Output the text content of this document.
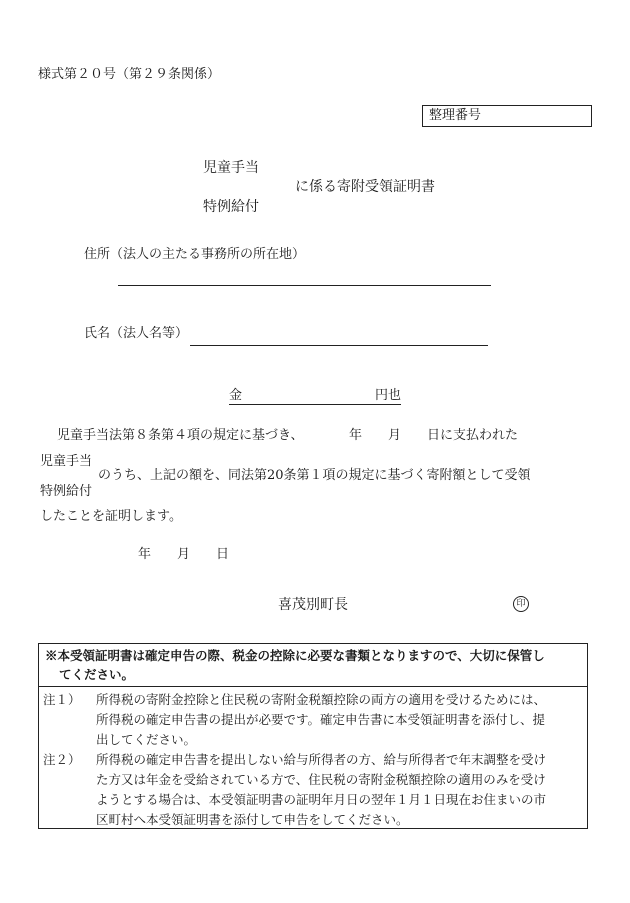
様式第２０号（第２９条関係）
整理番号
児童手当
に係る寄附受領証明書
特例給付
住所（法人の主たる事務所の所在地）
氏名（法人名等）
金	円也
児童手当法第８条第４項の規定に基づき、　　　　年　　月　　日に支払われた
児童手当
のうち、上記の額を、同法第20条第１項の規定に基づく寄附額として受領
特例給付
したことを証明します。
年　　月　　日
喜茂別町長	印
※本受領証明書は確定申告の際、税金の控除に必要な書類となりますので、大切に保管し
てください。
注１） 所得税の寄附金控除と住民税の寄附金税額控除の両方の適用を受けるためには、
所得税の確定申告書の提出が必要です。確定申告書に本受領証明書を添付し、提
出してください。
注２） 所得税の確定申告書を提出しない給与所得者の方、給与所得者で年末調整を受け
た方又は年金を受給されている方で、住民税の寄附金税額控除の適用のみを受け
ようとする場合は、本受領証明書の証明年月日の翌年１月１日現在お住まいの市
区町村へ本受領証明書を添付して申告をしてください。
